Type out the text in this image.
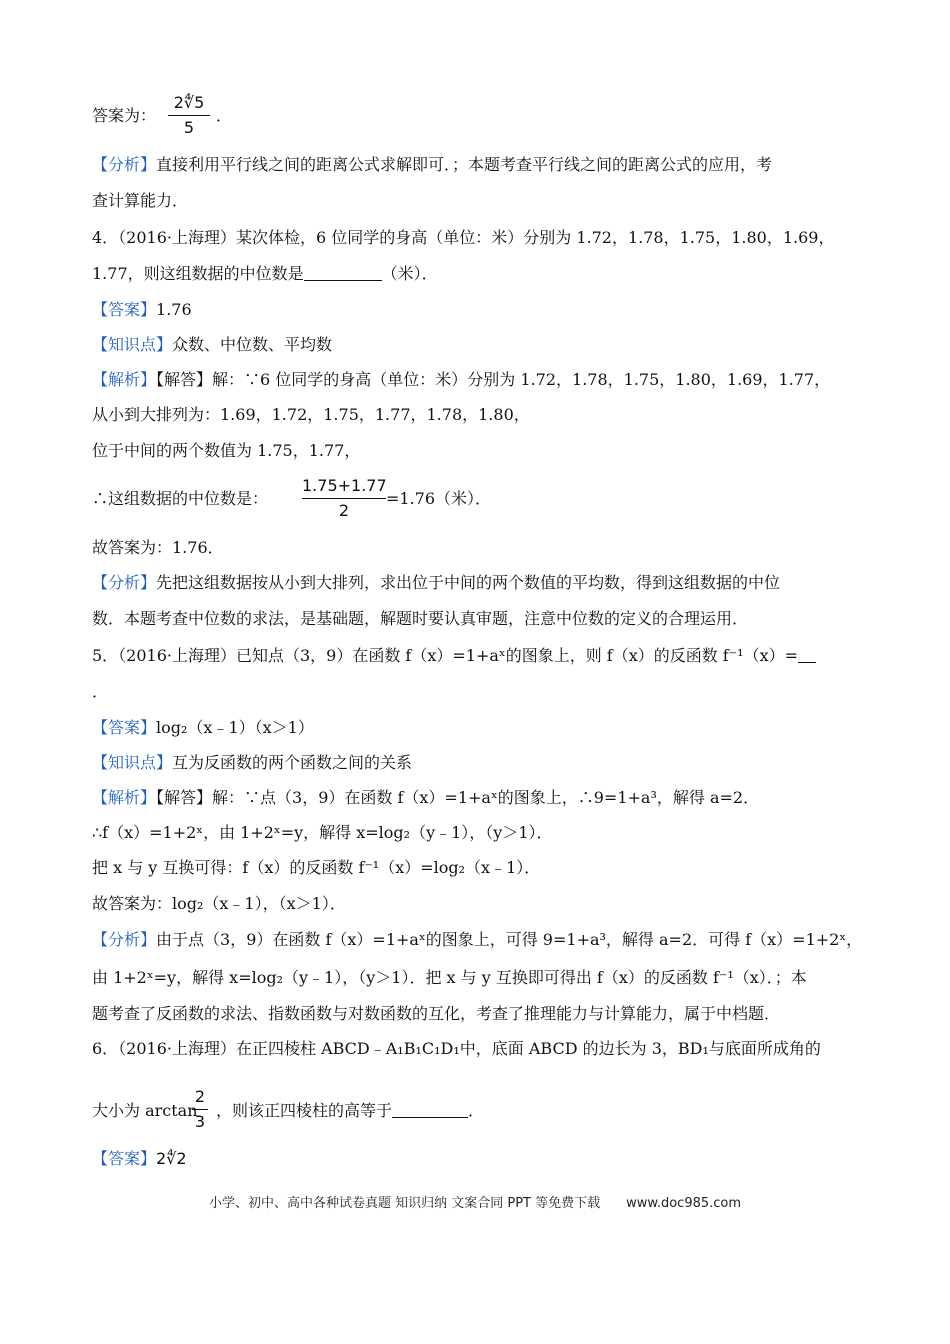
答案为：
2∜5
5
．
【分析】直接利用平行线之间的距离公式求解即可．；本题考查平行线之间的距离公式的应用，考
查计算能力．
4．（2016·上海理）某次体检，6 位同学的身高（单位：米）分别为 1.72，1.78，1.75，1.80，1.69，
1.77，则这组数据的中位数是	（米）．
【答案】1.76
【知识点】众数、中位数、平均数
【解析】【解答】解：∵6 位同学的身高（单位：米）分别为 1.72，1.78，1.75，1.80，1.69，1.77，
从小到大排列为：1.69，1.72，1.75，1.77，1.78，1.80，
位于中间的两个数值为 1.75，1.77，
∴这组数据的中位数是：
1.75+1.77
2
=1.76（米）．
故答案为：1.76．
【分析】先把这组数据按从小到大排列，求出位于中间的两个数值的平均数，得到这组数据的中位
数．本题考查中位数的求法，是基础题，解题时要认真审题，注意中位数的定义的合理运用．
5．（2016·上海理）已知点（3，9）在函数 f（x）=1+aˣ的图象上，则 f（x）的反函数 f⁻¹（x）=
．
【答案】log₂（x﹣1）（x＞1）
【知识点】互为反函数的两个函数之间的关系
【解析】【解答】解：∵点（3，9）在函数 f（x）=1+aˣ的图象上，∴9=1+a³，解得 a=2．
∴f（x）=1+2ˣ，由 1+2ˣ=y，解得 x=log₂（y﹣1），（y＞1）．
把 x 与 y 互换可得：f（x）的反函数 f⁻¹（x）=log₂（x﹣1）．
故答案为：log₂（x﹣1），（x＞1）．
【分析】由于点（3，9）在函数 f（x）=1+aˣ的图象上，可得 9=1+a³，解得 a=2．可得 f（x）=1+2ˣ，
由 1+2ˣ=y，解得 x=log₂（y﹣1），（y＞1）．把 x 与 y 互换即可得出 f（x）的反函数 f⁻¹（x）．；本
题考查了反函数的求法、指数函数与对数函数的互化，考查了推理能力与计算能力，属于中档题．
6．（2016·上海理）在正四棱柱 ABCD﹣A₁B₁C₁D₁中，底面 ABCD 的边长为 3，BD₁与底面所成角的
大小为 arctan
2
3
，则该正四棱柱的高等于	．
【答案】2∜2
小学、初中、高中各种试卷真题 知识归纳 文案合同 PPT 等免费下载 www.doc985.com
